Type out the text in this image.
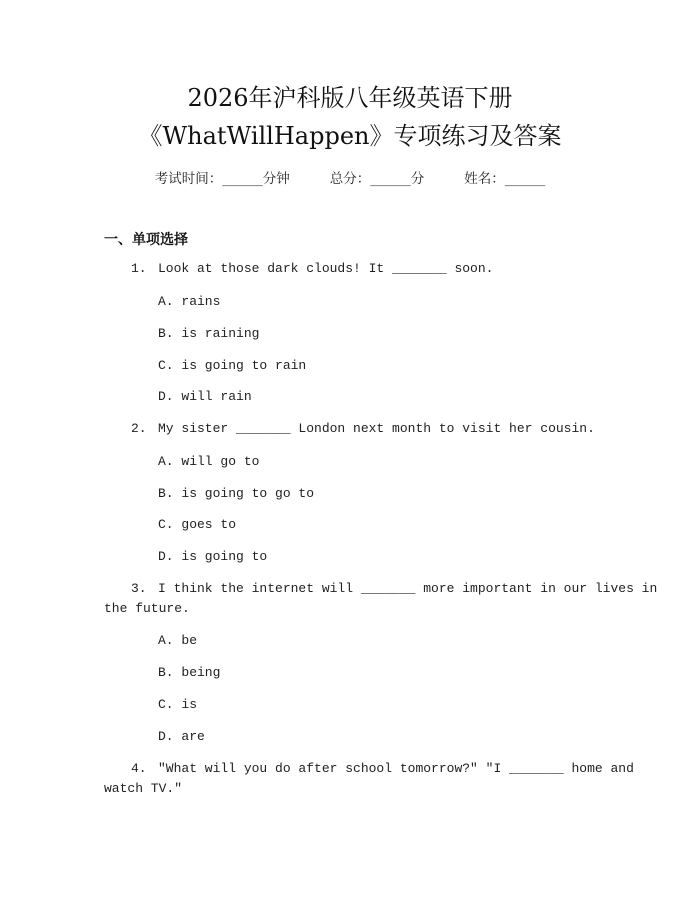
2026年沪科版八年级英语下册
《WhatWillHappen》专项练习及答案
考试时间：______分钟	总分：______分	姓名：______
一、单项选择
1. Look at those dark clouds! It _______ soon.
A. rains
B. is raining
C. is going to rain
D. will rain
2. My sister _______ London next month to visit her cousin.
A. will go to
B. is going to go to
C. goes to
D. is going to
3. I think the internet will _______ more important in our lives in
the future.
A. be
B. being
C. is
D. are
4. "What will you do after school tomorrow?" "I _______ home and
watch TV."
